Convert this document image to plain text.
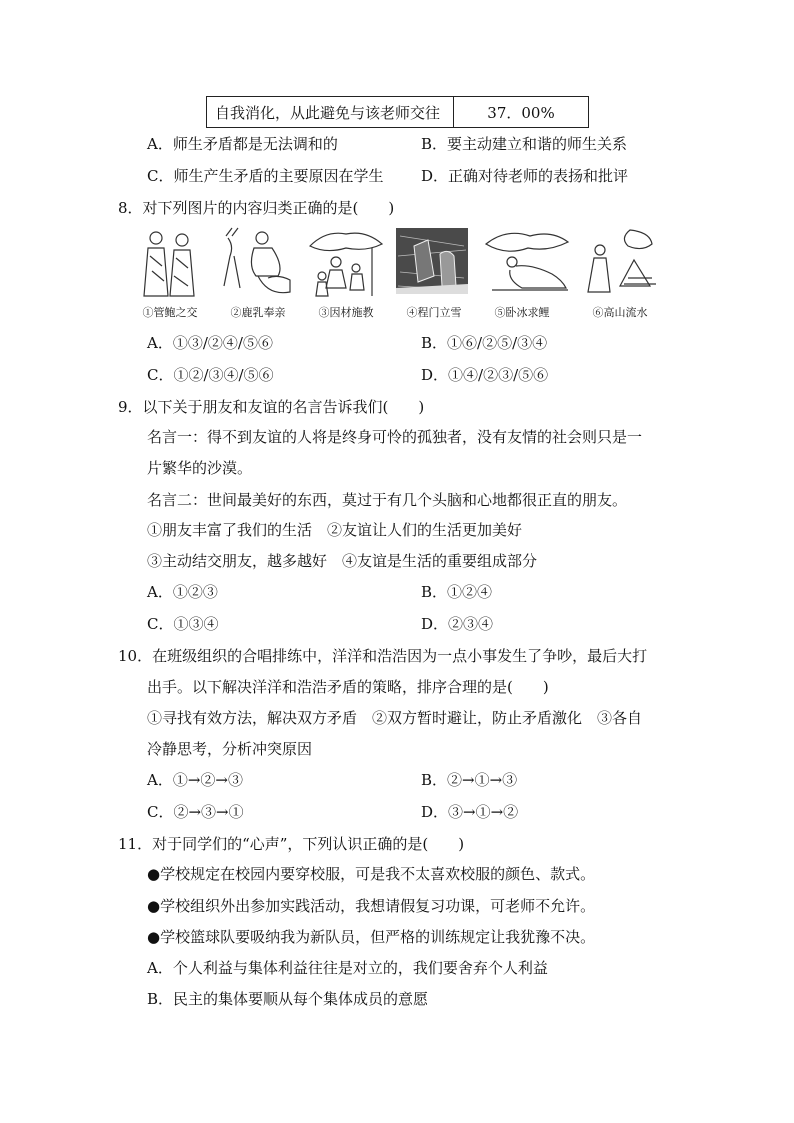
自我消化，从此避免与该老师交往	37．00%
A．师生矛盾都是无法调和的	B．要主动建立和谐的师生关系
C．师生产生矛盾的主要原因在学生	D．正确对待老师的表扬和批评
8．对下列图片的内容归类正确的是(　　)
①管鲍之交	②鹿乳奉亲	③因材施教	④程门立雪	⑤卧冰求鲤	⑥高山流水
A．①③/②④/⑤⑥	B．①⑥/②⑤/③④
C．①②/③④/⑤⑥	D．①④/②③/⑤⑥
9．以下关于朋友和友谊的名言告诉我们(　　)
名言一：得不到友谊的人将是终身可怜的孤独者，没有友情的社会则只是一
片繁华的沙漠。
名言二：世间最美好的东西，莫过于有几个头脑和心地都很正直的朋友。
①朋友丰富了我们的生活　②友谊让人们的生活更加美好
③主动结交朋友，越多越好　④友谊是生活的重要组成部分
A．①②③	B．①②④
C．①③④	D．②③④
10．在班级组织的合唱排练中，洋洋和浩浩因为一点小事发生了争吵，最后大打
出手。以下解决洋洋和浩浩矛盾的策略，排序合理的是(　　)
①寻找有效方法，解决双方矛盾　②双方暂时避让，防止矛盾激化　③各自
冷静思考，分析冲突原因
A．①→②→③	B．②→①→③
C．②→③→①	D．③→①→②
11．对于同学们的“心声”，下列认识正确的是(　　)
●学校规定在校园内要穿校服，可是我不太喜欢校服的颜色、款式。
●学校组织外出参加实践活动，我想请假复习功课，可老师不允许。
●学校篮球队要吸纳我为新队员，但严格的训练规定让我犹豫不决。
A．个人利益与集体利益往往是对立的，我们要舍弃个人利益
B．民主的集体要顺从每个集体成员的意愿
